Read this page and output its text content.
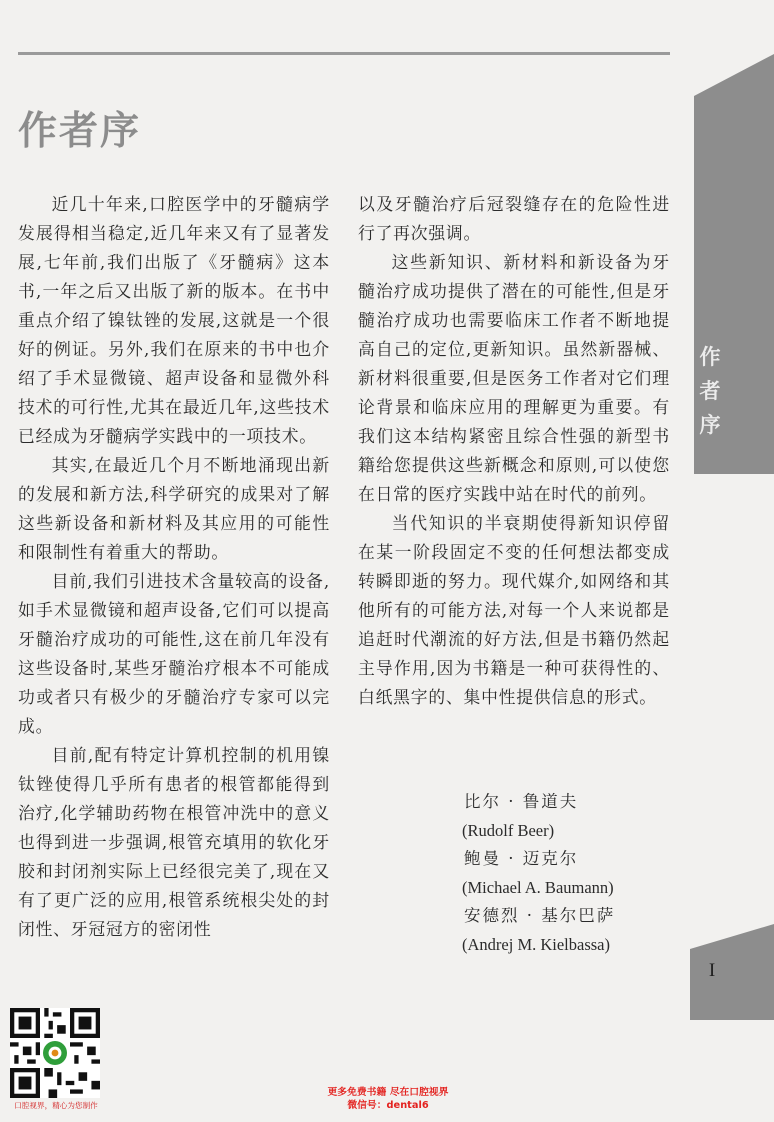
作者序
作者序

近几十年来,口腔医学中的牙髓病学发展得相当稳定,近几年来又有了显著发展,七年前,我们出版了《牙髓病》这本书,一年之后又出版了新的版本。在书中重点介绍了镍钛锉的发展,这就是一个很好的例证。另外,我们在原来的书中也介绍了手术显微镜、超声设备和显微外科技术的可行性,尤其在最近几年,这些技术已经成为牙髓病学实践中的一项技术。

其实,在最近几个月不断地涌现出新的发展和新方法,科学研究的成果对了解这些新设备和新材料及其应用的可能性和限制性有着重大的帮助。

目前,我们引进技术含量较高的设备,如手术显微镜和超声设备,它们可以提高牙髓治疗成功的可能性,这在前几年没有这些设备时,某些牙髓治疗根本不可能成功或者只有极少的牙髓治疗专家可以完成。

目前,配有特定计算机控制的机用镍钛锉使得几乎所有患者的根管都能得到治疗,化学辅助药物在根管冲洗中的意义也得到进一步强调,根管充填用的软化牙胶和封闭剂实际上已经很完美了,现在又有了更广泛的应用,根管系统根尖处的封闭性、牙冠冠方的密闭性

以及牙髓治疗后冠裂缝存在的危险性进行了再次强调。

这些新知识、新材料和新设备为牙髓治疗成功提供了潜在的可能性,但是牙髓治疗成功也需要临床工作者不断地提高自己的定位,更新知识。虽然新器械、新材料很重要,但是医务工作者对它们理论背景和临床应用的理解更为重要。有我们这本结构紧密且综合性强的新型书籍给您提供这些新概念和原则,可以使您在日常的医疗实践中站在时代的前列。

当代知识的半衰期使得新知识停留在某一阶段固定不变的任何想法都变成转瞬即逝的努力。现代媒介,如网络和其他所有的可能方法,对每一个人来说都是追赶时代潮流的好方法,但是书籍仍然起主导作用,因为书籍是一种可获得性的、白纸黑字的、集中性提供信息的形式。

比尔 · 鲁道夫
(Rudolf Beer)
鲍曼 · 迈克尔
(Michael A. Baumann)
安德烈 · 基尔巴萨
(Andrej M. Kielbassa)
I
口腔视界，精心为您制作
更多免费书籍 尽在口腔视界
微信号：dental6
